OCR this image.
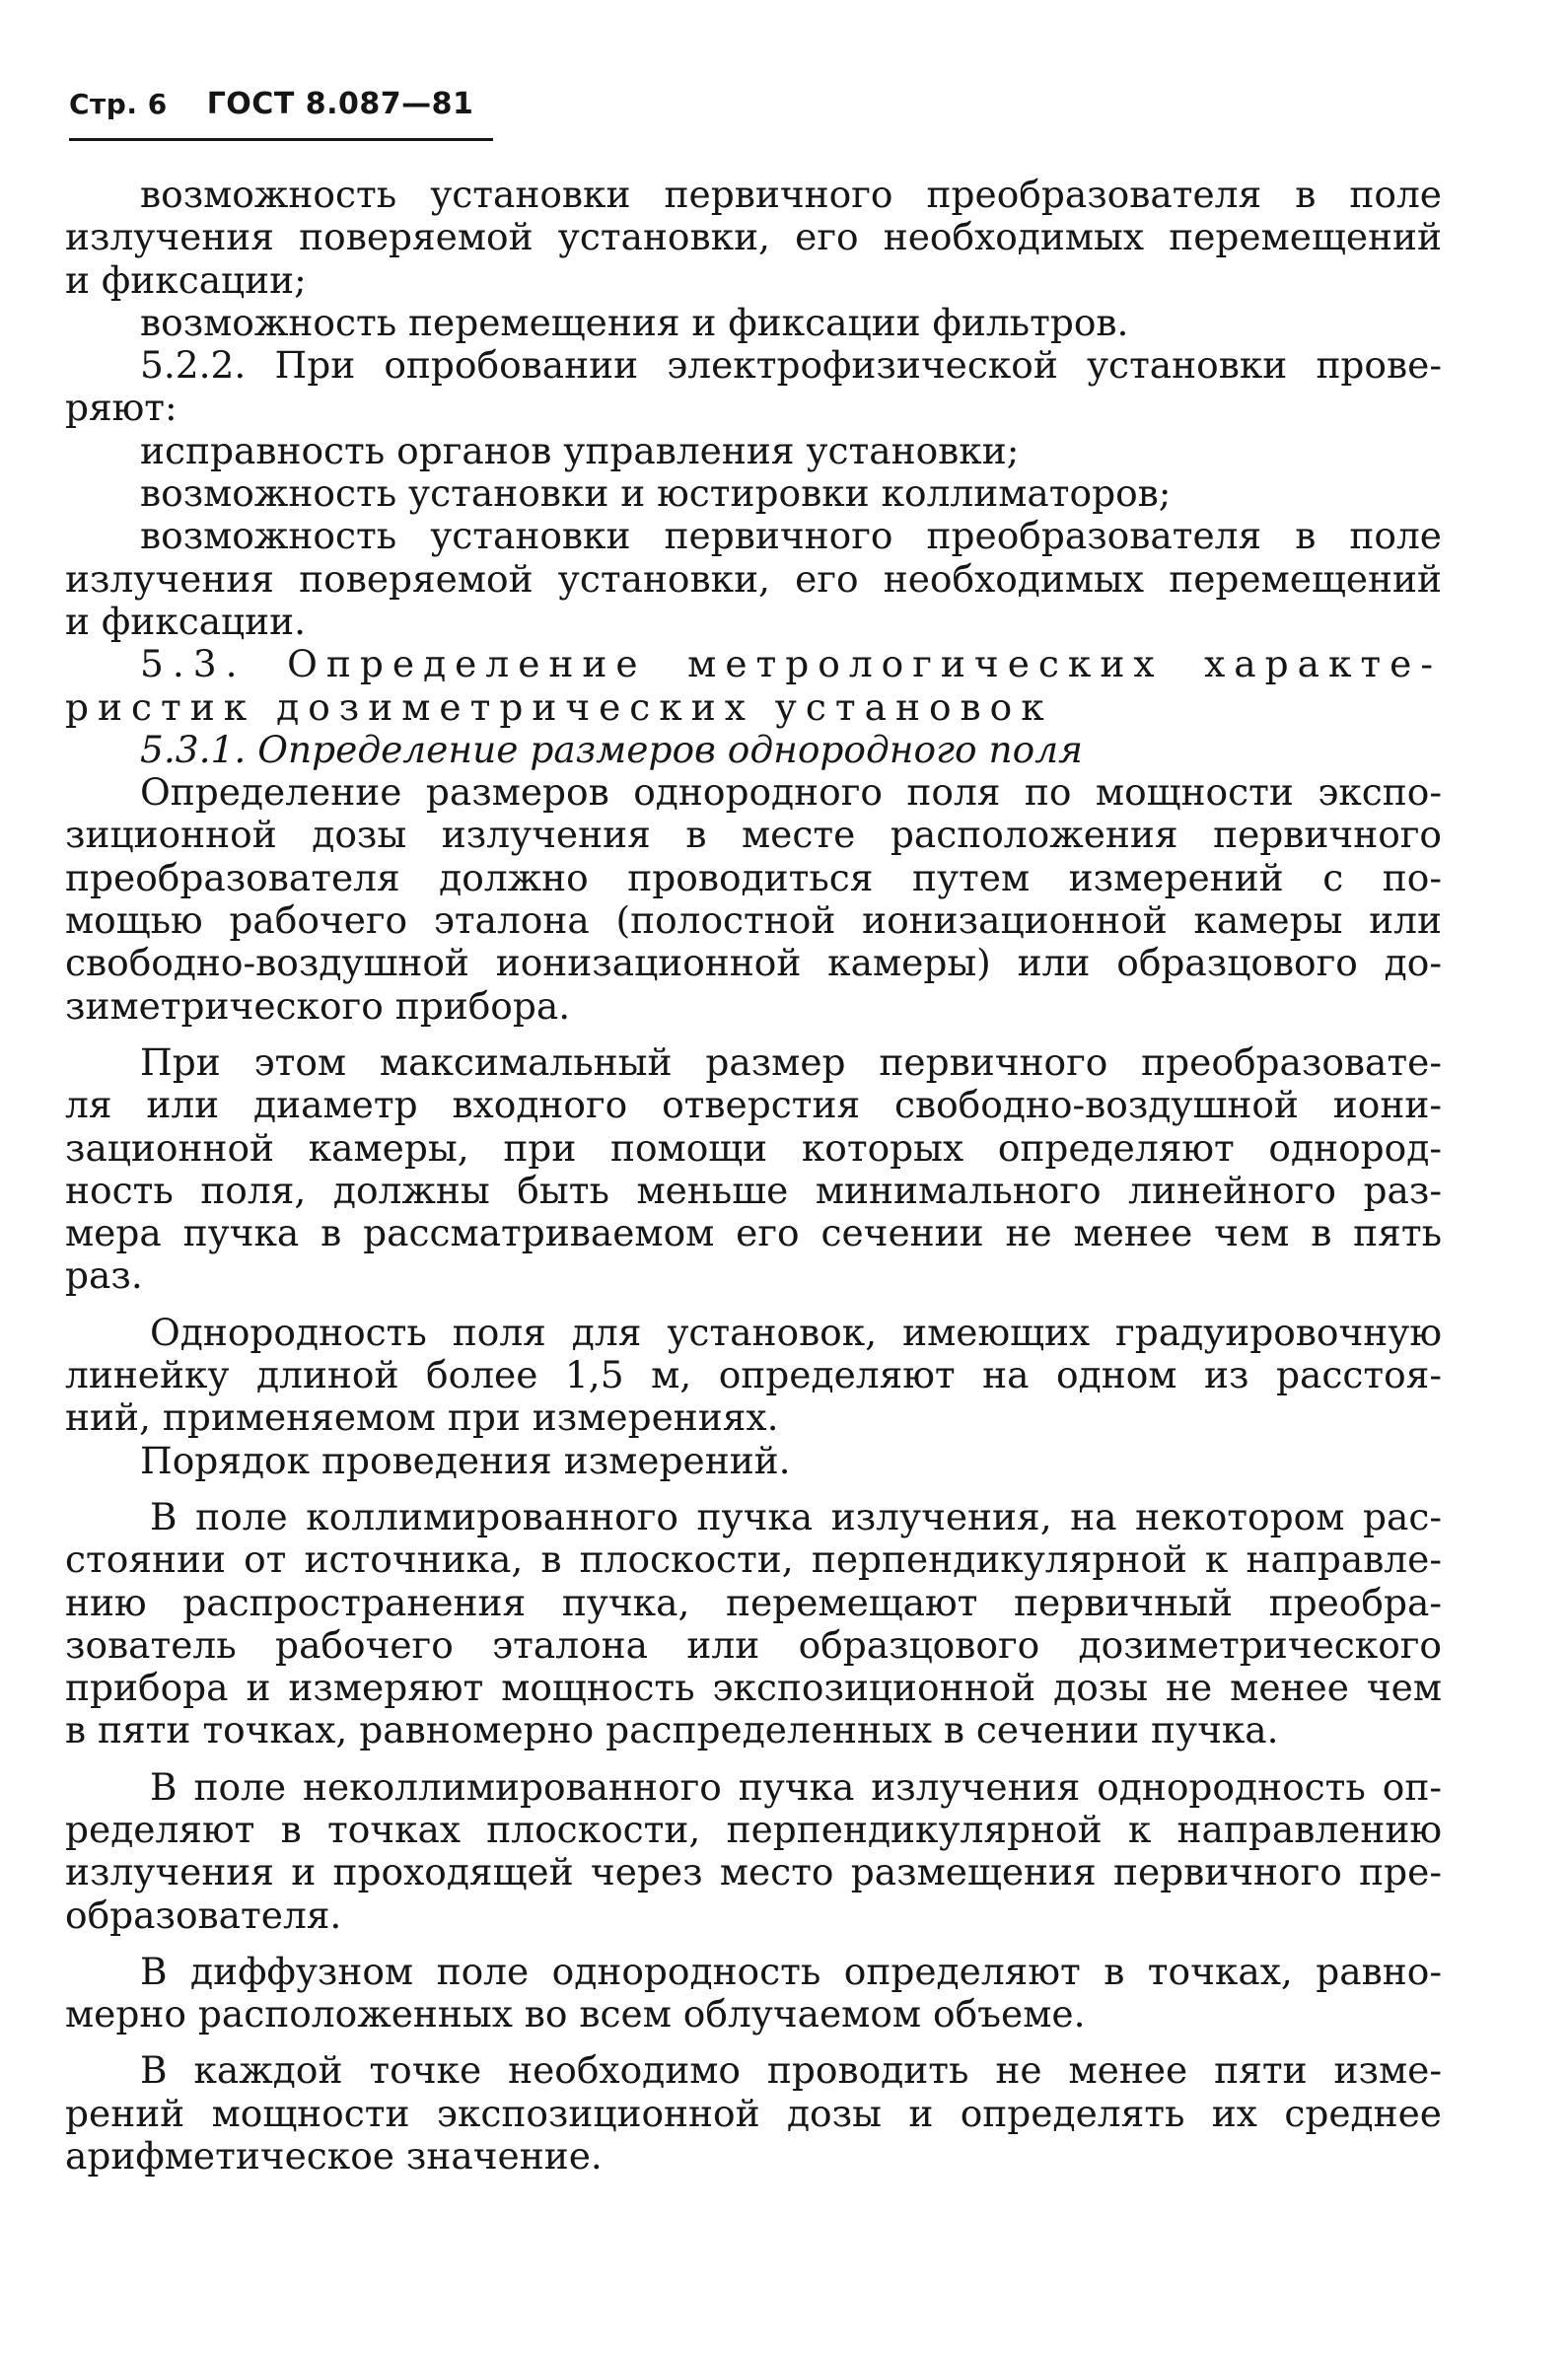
Стр. 6 ГОСТ 8.087—81
возможность установки первичного преобразователя в поле
излучения поверяемой установки, его необходимых перемещений
и фиксации;
возможность перемещения и фиксации фильтров.
5.2.2. При опробовании электрофизической установки прове-
ряют:
исправность органов управления установки;
возможность установки и юстировки коллиматоров;
возможность установки первичного преобразователя в поле
излучения поверяемой установки, его необходимых перемещений
и фиксации.
5.3. Определение метрологических характе-
ристик дозиметрических установок
5.3.1. Определение размеров однородного поля
Определение размеров однородного поля по мощности экспо-
зиционной дозы излучения в месте расположения первичного
преобразователя должно проводиться путем измерений с по-
мощью рабочего эталона (полостной ионизационной камеры или
свободно-воздушной ионизационной камеры) или образцового до-
зиметрического прибора.
При этом максимальный размер первичного преобразовате-
ля или диаметр входного отверстия свободно-воздушной иони-
зационной камеры, при помощи которых определяют однород-
ность поля, должны быть меньше минимального линейного раз-
мера пучка в рассматриваемом его сечении не менее чем в пять
раз.
Однородность поля для установок, имеющих градуировочную
линейку длиной более 1,5 м, определяют на одном из расстоя-
ний, применяемом при измерениях.
Порядок проведения измерений.
В поле коллимированного пучка излучения, на некотором рас-
стоянии от источника, в плоскости, перпендикулярной к направле-
нию распространения пучка, перемещают первичный преобра-
зователь рабочего эталона или образцового дозиметрического
прибора и измеряют мощность экспозиционной дозы не менее чем
в пяти точках, равномерно распределенных в сечении пучка.
В поле неколлимированного пучка излучения однородность оп-
ределяют в точках плоскости, перпендикулярной к направлению
излучения и проходящей через место размещения первичного пре-
образователя.
В диффузном поле однородность определяют в точках, равно-
мерно расположенных во всем облучаемом объеме.
В каждой точке необходимо проводить не менее пяти изме-
рений мощности экспозиционной дозы и определять их среднее
арифметическое значение.
